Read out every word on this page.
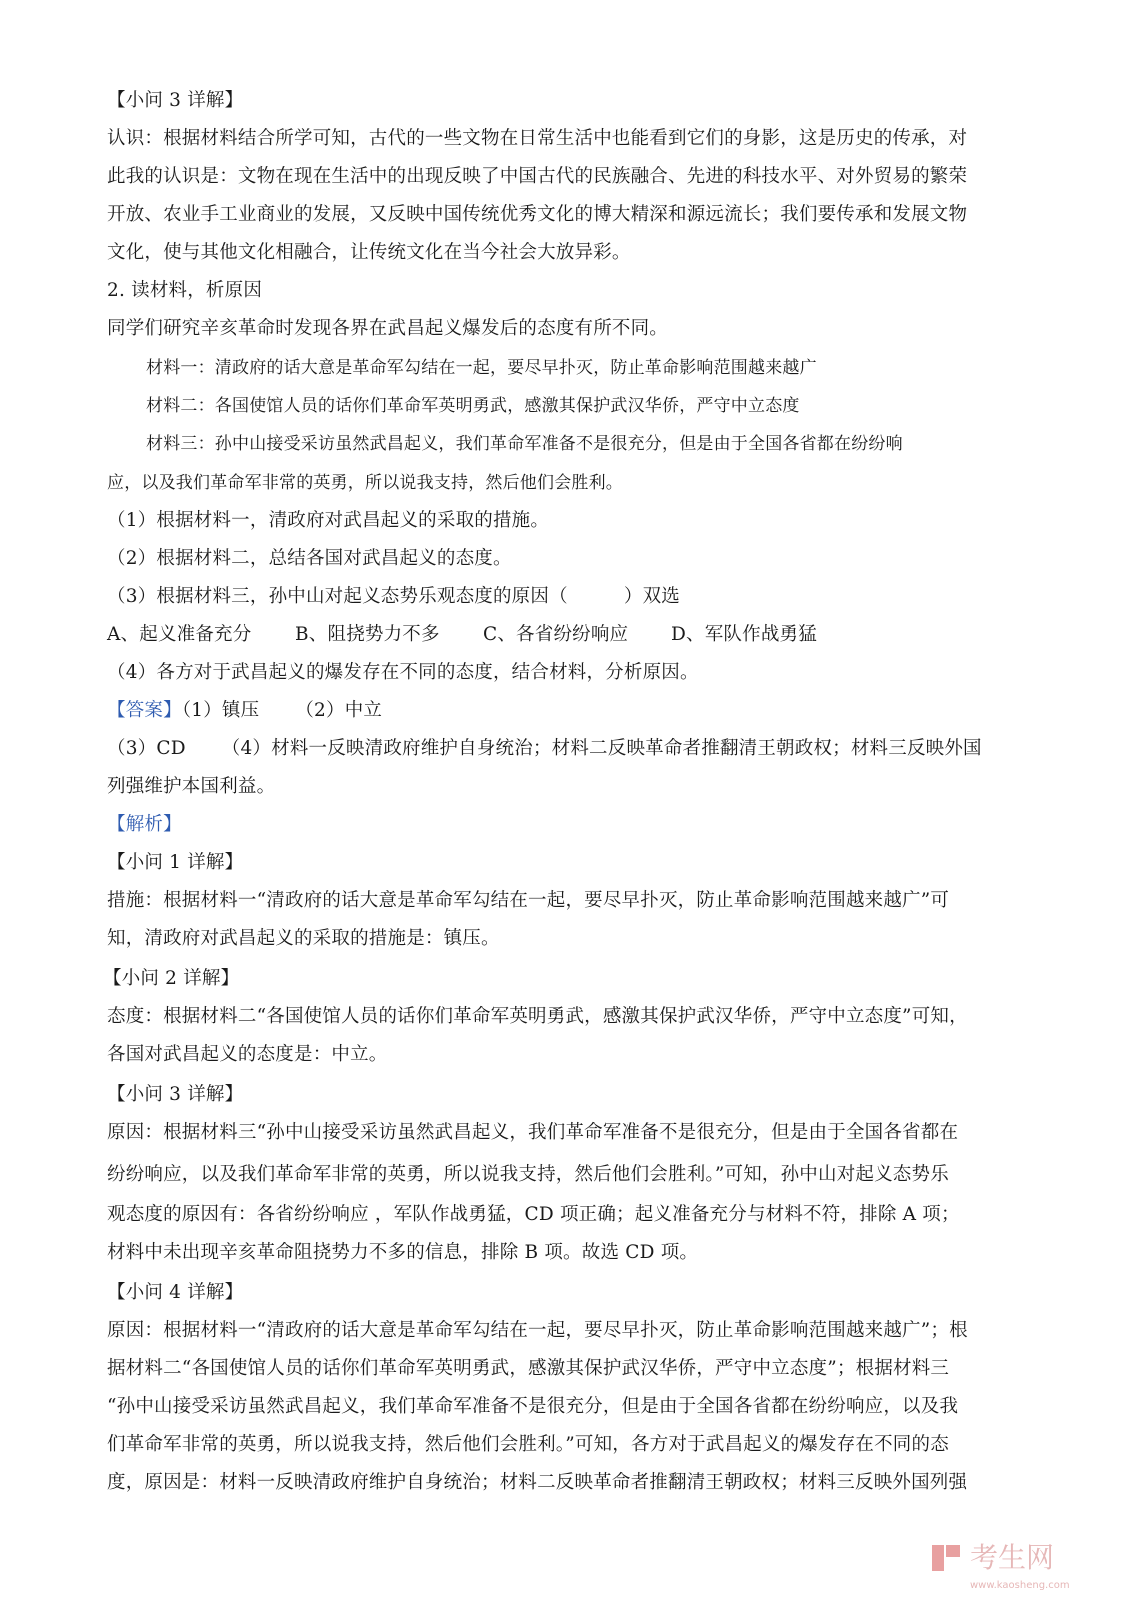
【小问 3 详解】
认识：根据材料结合所学可知，古代的一些文物在日常生活中也能看到它们的身影，这是历史的传承，对
此我的认识是：文物在现在生活中的出现反映了中国古代的民族融合、先进的科技水平、对外贸易的繁荣
开放、农业手工业商业的发展，又反映中国传统优秀文化的博大精深和源远流长；我们要传承和发展文物
文化，使与其他文化相融合，让传统文化在当今社会大放异彩。
2. 读材料，析原因
同学们研究辛亥革命时发现各界在武昌起义爆发后的态度有所不同。
材料一：清政府的话大意是革命军勾结在一起，要尽早扑灭，防止革命影响范围越来越广
材料二：各国使馆人员的话你们革命军英明勇武，感激其保护武汉华侨，严守中立态度
材料三：孙中山接受采访虽然武昌起义，我们革命军准备不是很充分，但是由于全国各省都在纷纷响
应，以及我们革命军非常的英勇，所以说我支持，然后他们会胜利。
（1）根据材料一，清政府对武昌起义的采取的措施。
（2）根据材料二，总结各国对武昌起义的态度。
（3）根据材料三，孙中山对起义态势乐观态度的原因（　　　）双选
A、起义准备充分 B、阻挠势力不多 C、各省纷纷响应 D、军队作战勇猛
（4）各方对于武昌起义的爆发存在不同的态度，结合材料，分析原因。
【答案】（1）镇压 （2）中立
（3）CD （4）材料一反映清政府维护自身统治；材料二反映革命者推翻清王朝政权；材料三反映外国
列强维护本国利益。
【解析】
【小问 1 详解】
措施：根据材料一“清政府的话大意是革命军勾结在一起，要尽早扑灭，防止革命影响范围越来越广”可
知，清政府对武昌起义的采取的措施是：镇压。
【小问 2 详解】
态度：根据材料二“各国使馆人员的话你们革命军英明勇武，感激其保护武汉华侨，严守中立态度”可知，
各国对武昌起义的态度是：中立。
【小问 3 详解】
原因：根据材料三“孙中山接受采访虽然武昌起义，我们革命军准备不是很充分，但是由于全国各省都在
纷纷响应，以及我们革命军非常的英勇，所以说我支持，然后他们会胜利。”可知，孙中山对起义态势乐
观态度的原因有：各省纷纷响应 ，军队作战勇猛，CD 项正确；起义准备充分与材料不符，排除 A 项；
材料中未出现辛亥革命阻挠势力不多的信息，排除 B 项。故选 CD 项。
【小问 4 详解】
原因：根据材料一“清政府的话大意是革命军勾结在一起，要尽早扑灭，防止革命影响范围越来越广”；根
据材料二“各国使馆人员的话你们革命军英明勇武，感激其保护武汉华侨，严守中立态度”；根据材料三
“孙中山接受采访虽然武昌起义，我们革命军准备不是很充分，但是由于全国各省都在纷纷响应，以及我
们革命军非常的英勇，所以说我支持，然后他们会胜利。”可知，各方对于武昌起义的爆发存在不同的态
度，原因是：材料一反映清政府维护自身统治；材料二反映革命者推翻清王朝政权；材料三反映外国列强
考生网
www.kaosheng.com
